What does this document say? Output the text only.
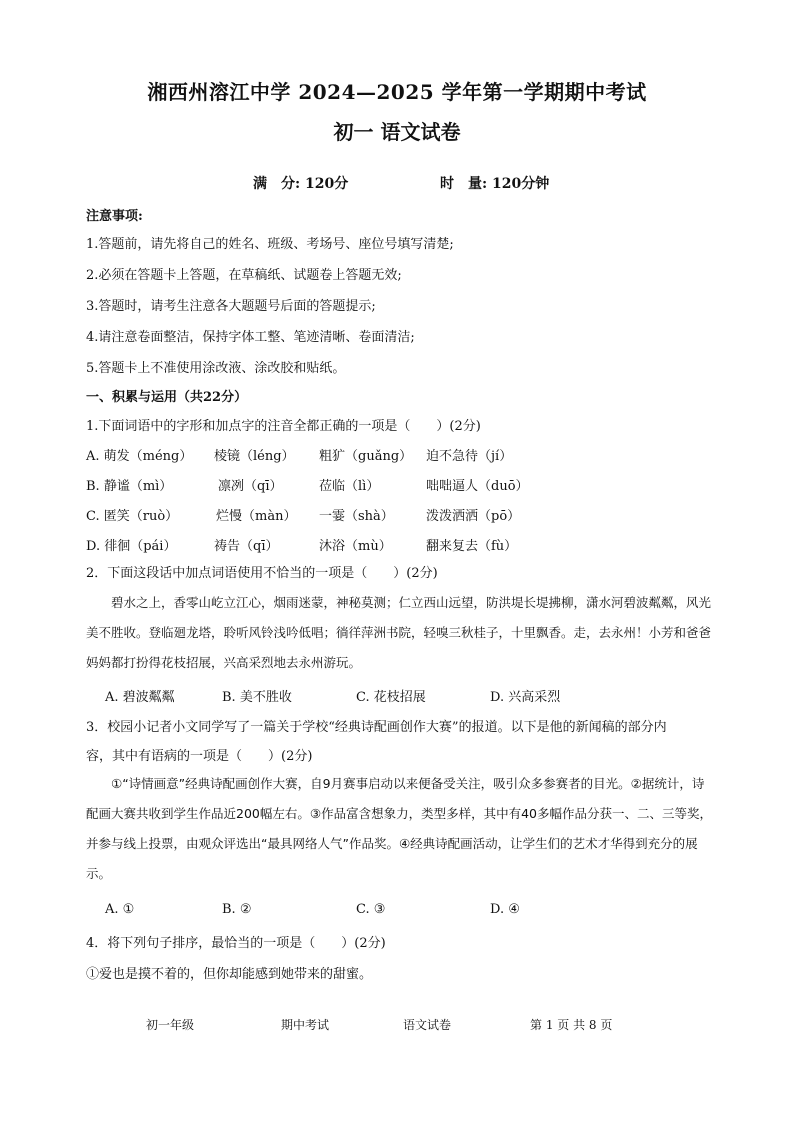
湘西州溶江中学 2024—2025 学年第一学期期中考试
初一 语文试卷
满　分: 120分	时　量: 120分钟
注意事项:
1.答题前，请先将自己的姓名、班级、考场号、座位号填写清楚;
2.必须在答题卡上答题，在草稿纸、试题卷上答题无效;
3.答题时，请考生注意各大题题号后面的答题提示;
4.请注意卷面整洁，保持字体工整、笔迹清晰、卷面清洁;
5.答题卡上不准使用涂改液、涂改胶和贴纸。
一、积累与运用（共22分）
1.下面词语中的字形和加点字的注音全都正确的一项是（　　）(2分)
A. 萌发（méng） 棱镜（léng） 粗犷（guǎng） 迫不急待（jí）
B. 静谧（mì）	凛冽（qī）	莅临（lì）	咄咄逼人（duō）
C. 匿笑（ruò）	烂慢（màn） 一霎（shà） 泼泼洒洒（pō）
D. 徘徊（pái）	祷告（qī）	沐浴（mù）	翻来复去（fù）
2．下面这段话中加点词语使用不恰当的一项是（　　）(2分)
碧水之上，香零山屹立江心，烟雨迷蒙，神秘莫测；仁立西山远望，防洪堤长堤拂柳，潇水河碧波粼粼，风光美不胜收。登临廻龙塔，聆听风铃浅吟低唱；徜徉萍洲书院，轻嗅三秋桂子，十里飘香。走，去永州！小芳和爸爸妈妈都打扮得花枝招展，兴高采烈地去永州游玩。
A. 碧波粼粼	B. 美不胜收	C. 花枝招展	D. 兴高采烈
3．校园小记者小文同学写了一篇关于学校“经典诗配画创作大赛”的报道。以下是他的新闻稿的部分内
容，其中有语病的一项是（　　）(2分)
①“诗情画意”经典诗配画创作大赛，自9月赛事启动以来便备受关注，吸引众多参赛者的目光。②据统计，诗配画大赛共收到学生作品近200幅左右。③作品富含想象力，类型多样，其中有40多幅作品分获一、二、三等奖，并参与线上投票，由观众评选出“最具网络人气”作品奖。④经典诗配画活动，让学生们的艺术才华得到充分的展示。
A. ①	B. ②	C. ③	D. ④
4．将下列句子排序，最恰当的一项是（　　）(2分)
①爱也是摸不着的，但你却能感到她带来的甜蜜。
初一年级	期中考试	语文试卷	第 1 页 共 8 页
